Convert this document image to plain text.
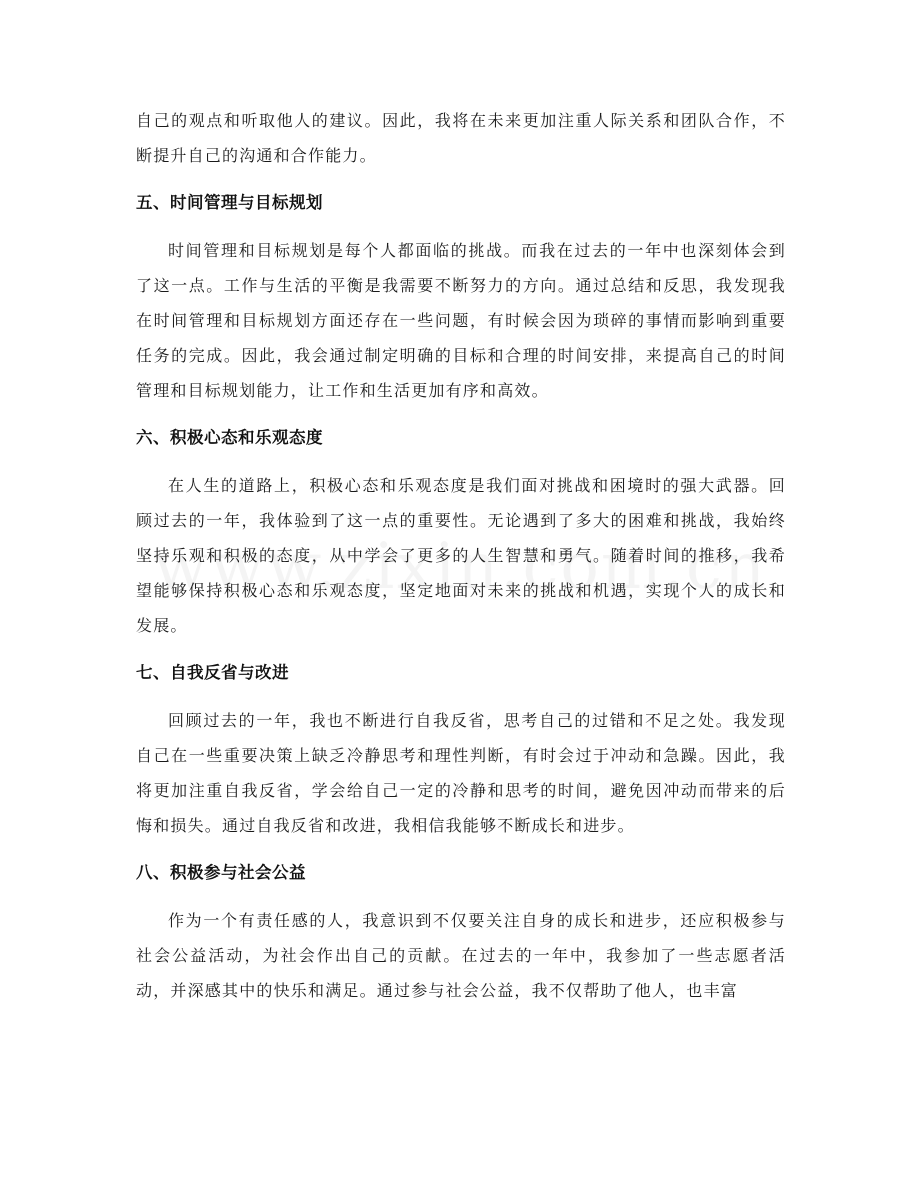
自己的观点和听取他人的建议。因此，我将在未来更加注重人际关系和团队合作，不断提升自己的沟通和合作能力。

五、时间管理与目标规划

时间管理和目标规划是每个人都面临的挑战。而我在过去的一年中也深刻体会到了这一点。工作与生活的平衡是我需要不断努力的方向。通过总结和反思，我发现我在时间管理和目标规划方面还存在一些问题，有时候会因为琐碎的事情而影响到重要任务的完成。因此，我会通过制定明确的目标和合理的时间安排，来提高自己的时间管理和目标规划能力，让工作和生活更加有序和高效。

六、积极心态和乐观态度

在人生的道路上，积极心态和乐观态度是我们面对挑战和困境时的强大武器。回顾过去的一年，我体验到了这一点的重要性。无论遇到了多大的困难和挑战，我始终坚持乐观和积极的态度，从中学会了更多的人生智慧和勇气。随着时间的推移，我希望能够保持积极心态和乐观态度，坚定地面对未来的挑战和机遇，实现个人的成长和发展。

七、自我反省与改进

回顾过去的一年，我也不断进行自我反省，思考自己的过错和不足之处。我发现自己在一些重要决策上缺乏冷静思考和理性判断，有时会过于冲动和急躁。因此，我将更加注重自我反省，学会给自己一定的冷静和思考的时间，避免因冲动而带来的后悔和损失。通过自我反省和改进，我相信我能够不断成长和进步。

八、积极参与社会公益

作为一个有责任感的人，我意识到不仅要关注自身的成长和进步，还应积极参与社会公益活动，为社会作出自己的贡献。在过去的一年中，我参加了一些志愿者活动，并深感其中的快乐和满足。通过参与社会公益，我不仅帮助了他人，也丰富
